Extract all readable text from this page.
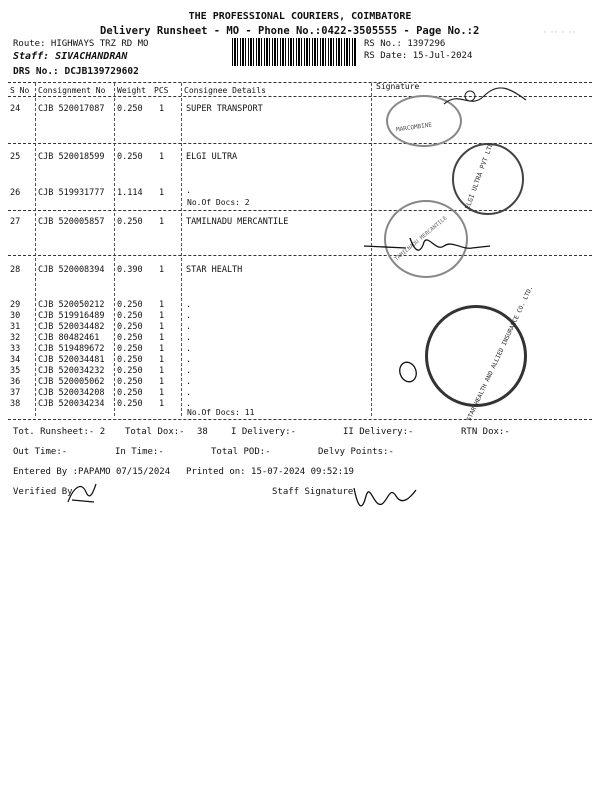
THE PROFESSIONAL COURIERS, COIMBATORE
Delivery Runsheet - MO - Phone No.:0422-3505555 - Page No.:2	◦ ◦◦ ◦ ◦◦
Route: HIGHWAYS TRZ RD MO
Staff: SIVACHANDRAN
DRS No.: DCJB139729602
RS No.: 1397296
RS Date: 15-Jul-2024
S No Consignment No Weight PCS Consignee Details	Signature
24 CJB 520017087 0.250 1	SUPER TRANSPORT
25 CJB 520018599 0.250 1	ELGI ULTRA
26 CJB 519931777 1.114 1	.
No.Of Docs: 2
27 CJB 520005857 0.250 1	TAMILNADU MERCANTILE
28 CJB 520008394 0.390 1	STAR HEALTH
29 CJB 520050212 0.250 1	.
30 CJB 519916489 0.250 1	.
31 CJB 520034482 0.250 1	.
32 CJB 80482461 0.250 1	.
33 CJB 519489672 0.250 1	.
34 CJB 520034481 0.250 1	.
35 CJB 520034232 0.250 1	.
36 CJB 520005062 0.250 1	.
37 CJB 520034208 0.250 1	.
38 CJB 520034234 0.250 1	.
No.Of Docs: 11
Tot. Runsheet:- 2 Total Dox:- 38	I Delivery:-	II Delivery:-	RTN Dox:-
Out Time:-	In Time:-	Total POD:-	Delvy Points:-
Entered By :PAPAMO 07/15/2024 Printed on: 15-07-2024 09:52:19
Verified By	Staff Signature
MARCOMBINE
ELGI ULTRA PVT LTD
TAMILNADU MERCANTILE
STAR HEALTH AND ALLIED INSURANCE CO. LTD.
